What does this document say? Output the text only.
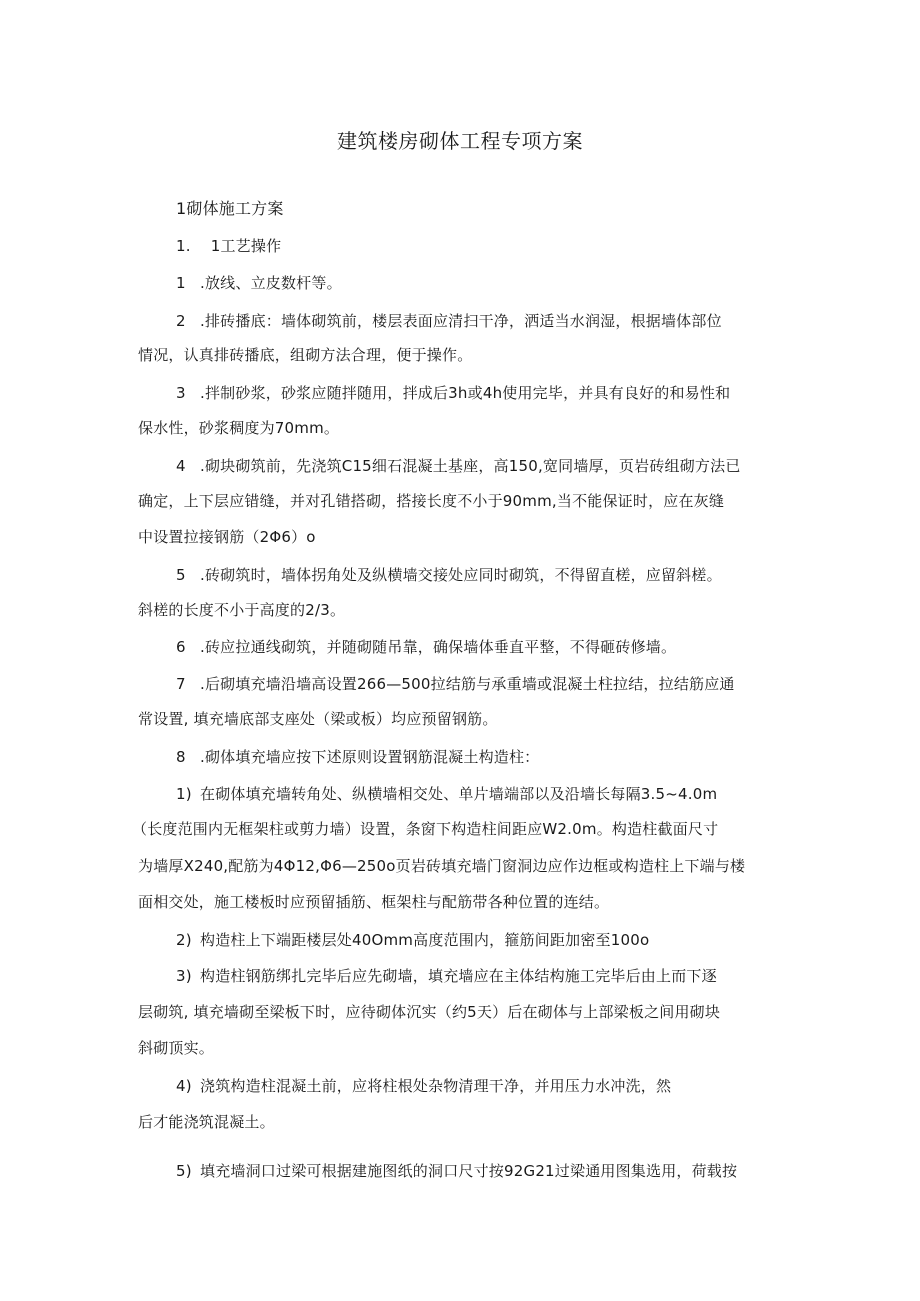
建筑楼房砌体工程专项方案
1砌体施工方案
1. 1工艺操作
1 .放线、立皮数杆等。
2 .排砖播底：墙体砌筑前，楼层表面应清扫干净，洒适当水润湿，根据墙体部位
情况，认真排砖播底，组砌方法合理，便于操作。
3 .拌制砂浆，砂浆应随拌随用，拌成后3h或4h使用完毕，并具有良好的和易性和
保水性，砂浆稠度为70mm。
4 .砌块砌筑前，先浇筑C15细石混凝土基座，高150,宽同墙厚，页岩砖组砌方法已
确定，上下层应错缝，并对孔错搭砌，搭接长度不小于90mm,当不能保证时，应在灰缝
中设置拉接钢筋（2Φ6）o
5 .砖砌筑时，墙体拐角处及纵横墙交接处应同时砌筑，不得留直槎，应留斜槎。
斜槎的长度不小于高度的2/3。
6 .砖应拉通线砌筑，并随砌随吊靠，确保墙体垂直平整，不得砸砖修墙。
7 .后砌填充墙沿墙高设置266—500拉结筋与承重墙或混凝土柱拉结，拉结筋应通
常设置, 填充墙底部支座处（梁或板）均应预留钢筋。
8 .砌体填充墙应按下述原则设置钢筋混凝土构造柱：
1) 在砌体填充墙转角处、纵横墙相交处、单片墙端部以及沿墙长每隔3.5~4.0m
（长度范围内无框架柱或剪力墙）设置，条窗下构造柱间距应W2.0m。构造柱截面尺寸
为墙厚X240,配筋为4Φ12,Φ6—250o页岩砖填充墙门窗洞边应作边框或构造柱上下端与楼
面相交处，施工楼板时应预留插筋、框架柱与配筋带各种位置的连结。
2) 构造柱上下端距楼层处40Omm高度范围内，箍筋间距加密至100o
3) 构造柱钢筋绑扎完毕后应先砌墙，填充墙应在主体结构施工完毕后由上而下逐
层砌筑, 填充墙砌至梁板下时，应待砌体沉实（约5天）后在砌体与上部梁板之间用砌块
斜砌顶实。
4) 浇筑构造柱混凝土前，应将柱根处杂物清理干净，并用压力水冲洗，然
后才能浇筑混凝土。
5) 填充墙洞口过梁可根据建施图纸的洞口尺寸按92G21过梁通用图集选用，荷载按
